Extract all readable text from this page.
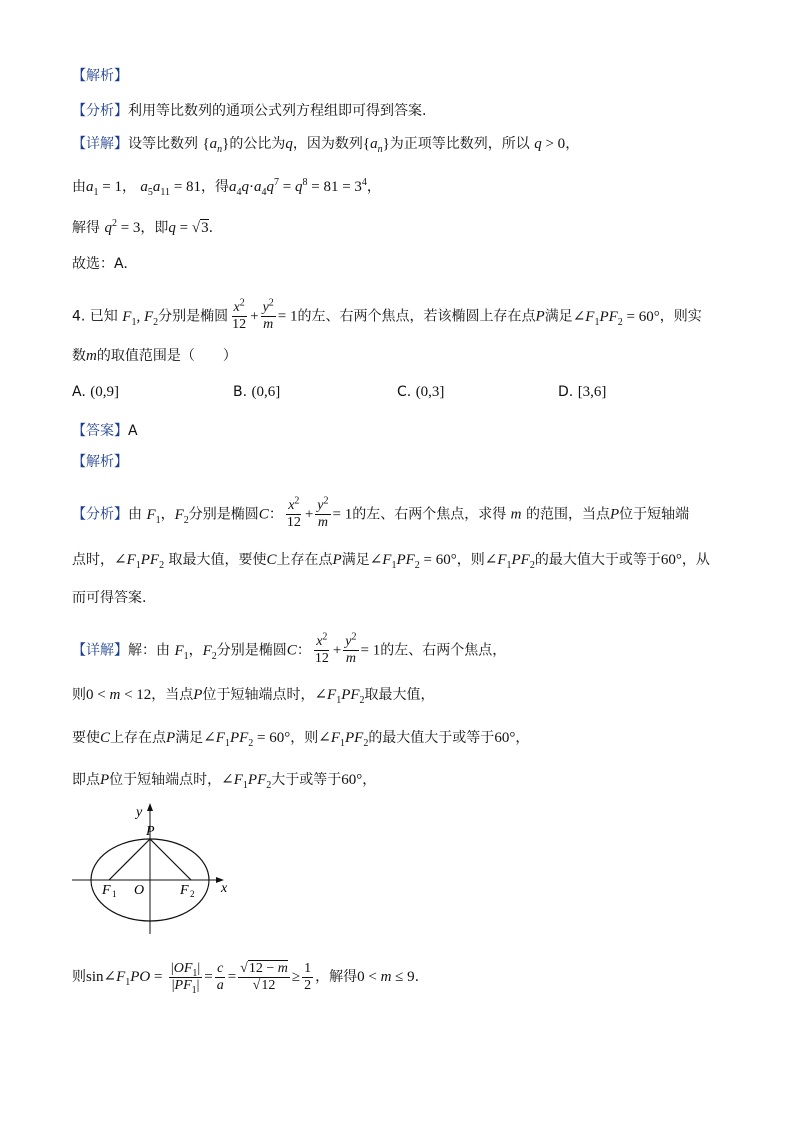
【解析】
【分析】利用等比数列的通项公式列方程组即可得到答案.
【详解】设等比数列 $\{a_n\}$的公比为q，因为数列$\{a_n\}$为正项等比数列，所以 q > 0，
由$a_1 = 1$， $a_5a_{11} = 81$，得$a_4q\cdot a_4q^7 = q^8 = 81 = 3^4$，
解得 $q^2 = 3$，即q = √3.
故选：A.
4. 已知 $F_1$, $F_2$分别是椭圆 $\frac{x^2}{12} + \frac{y^2}{m} = 1$的左、右两个焦点，若该椭圆上存在点P满足$\angle F_1PF_2 = 60^\circ$，则实
数m的取值范围是（　　）
A. (0,9]	B. (0,6]	C. (0,3]	D. [3,6]
【答案】A
【解析】
【分析】由 $F_1$，$F_2$分别是椭圆C： $\frac{x^2}{12} + \frac{y^2}{m} = 1$的左、右两个焦点，求得 m 的范围，当点P位于短轴端
点时，$\angle F_1PF_2$ 取最大值，要使C上存在点P满足$\angle F_1PF_2 = 60^\circ$，则$\angle F_1PF_2$的最大值大于或等于60°，从
而可得答案.
【详解】解：由 $F_1$，$F_2$分别是椭圆C： $\frac{x^2}{12} + \frac{y^2}{m} = 1$的左、右两个焦点，
则0 < m < 12，当点P位于短轴端点时，$\angle F_1PF_2$取最大值，
要使C上存在点P满足$\angle F_1PF_2 = 60^\circ$，则$\angle F_1PF_2$的最大值大于或等于60°，
即点P位于短轴端点时，$\angle F_1PF_2$大于或等于60°，
y
x
P
O
F 1	F 2
则$\sin\angle F_1PO = \frac{|OF_1|}{|PF_1|} = \frac{c}{a} = \frac{√12 - m}{√12} \ge \frac{1}{2}$ ，解得0 < m ≤ 9.
